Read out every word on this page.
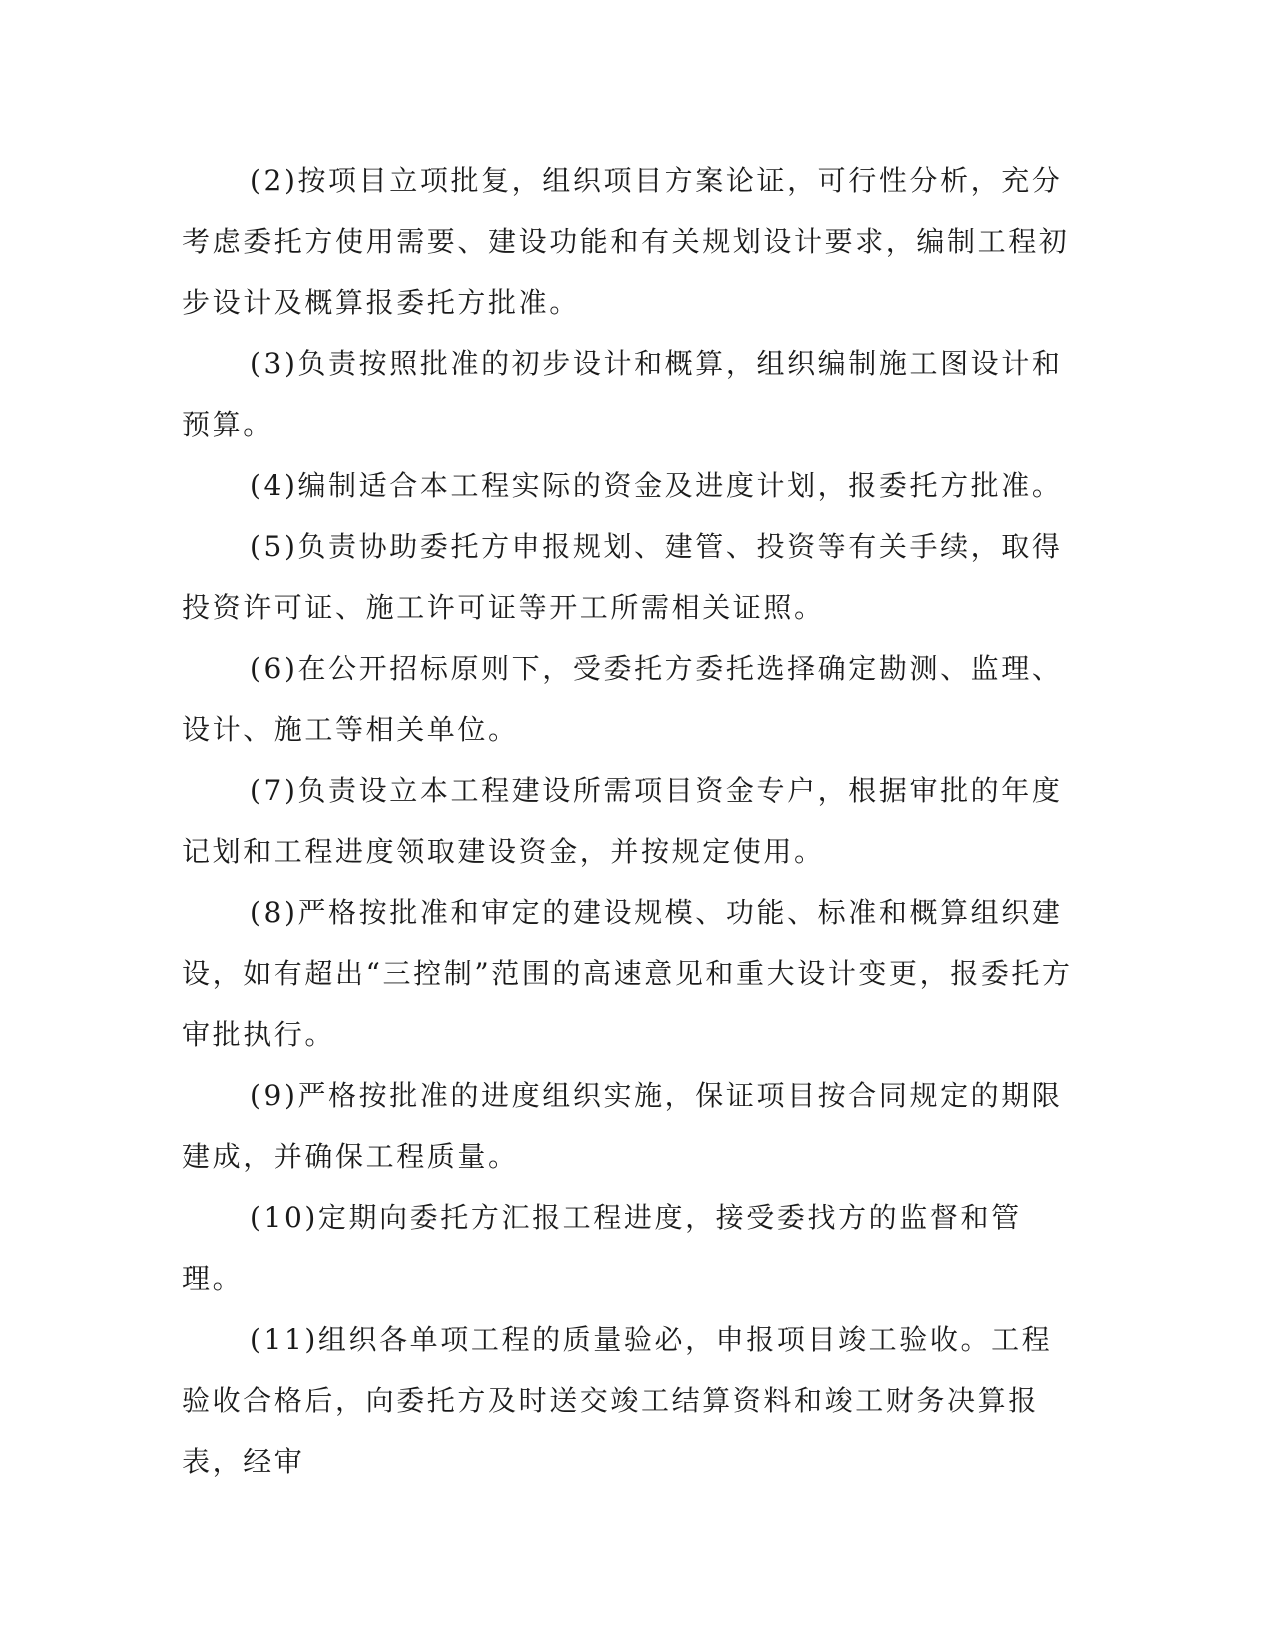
(2)按项目立项批复，组织项目方案论证，可行性分析，充分考虑委托方使用需要、建设功能和有关规划设计要求，编制工程初步设计及概算报委托方批准。

(3)负责按照批准的初步设计和概算，组织编制施工图设计和预算。

(4)编制适合本工程实际的资金及进度计划，报委托方批准。

(5)负责协助委托方申报规划、建管、投资等有关手续，取得投资许可证、施工许可证等开工所需相关证照。

(6)在公开招标原则下，受委托方委托选择确定勘测、监理、设计、施工等相关单位。

(7)负责设立本工程建设所需项目资金专户，根据审批的年度记划和工程进度领取建设资金，并按规定使用。

(8)严格按批准和审定的建设规模、功能、标准和概算组织建设，如有超出“三控制”范围的高速意见和重大设计变更，报委托方审批执行。

(9)严格按批准的进度组织实施，保证项目按合同规定的期限建成，并确保工程质量。

(10)定期向委托方汇报工程进度，接受委找方的监督和管理。

(11)组织各单项工程的质量验必，申报项目竣工验收。工程验收合格后，向委托方及时送交竣工结算资料和竣工财务决算报表，经审
